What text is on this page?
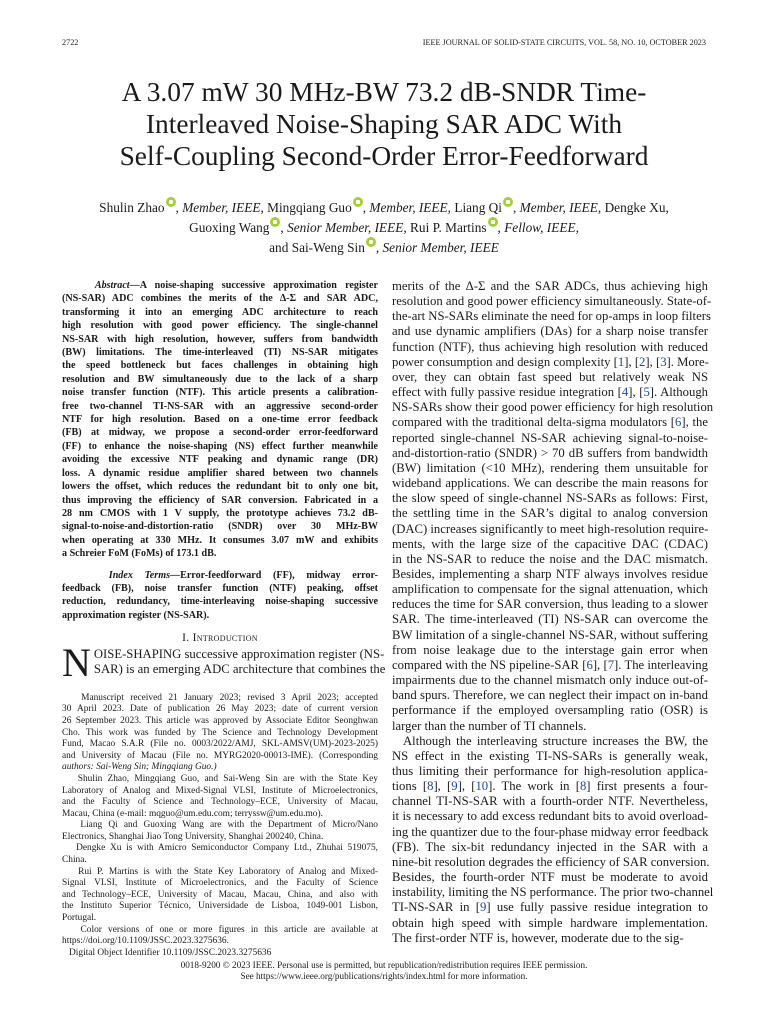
2722	IEEE JOURNAL OF SOLID-STATE CIRCUITS, VOL. 58, NO. 10, OCTOBER 2023
A 3.07 mW 30 MHz-BW 73.2 dB-SNDR Time-
Interleaved Noise-Shaping SAR ADC With
Self-Coupling Second-Order Error-Feedforward
Shulin Zhao , Member, IEEE, Mingqiang Guo , Member, IEEE, Liang Qi , Member, IEEE, Dengke Xu,
Guoxing Wang , Senior Member, IEEE, Rui P. Martins , Fellow, IEEE,
and Sai-Weng Sin , Senior Member, IEEE
Abstract—A noise-shaping successive approximation register
(NS-SAR) ADC combines the merits of the Δ-Σ and SAR ADC,
transforming it into an emerging ADC architecture to reach
high resolution with good power efficiency. The single-channel
NS-SAR with high resolution, however, suffers from bandwidth
(BW) limitations. The time-interleaved (TI) NS-SAR mitigates
the speed bottleneck but faces challenges in obtaining high
resolution and BW simultaneously due to the lack of a sharp
noise transfer function (NTF). This article presents a calibration-
free two-channel TI-NS-SAR with an aggressive second-order
NTF for high resolution. Based on a one-time error feedback
(FB) at midway, we propose a second-order error-feedforward
(FF) to enhance the noise-shaping (NS) effect further meanwhile
avoiding the excessive NTF peaking and dynamic range (DR)
loss. A dynamic residue amplifier shared between two channels
lowers the offset, which reduces the redundant bit to only one bit,
thus improving the efficiency of SAR conversion. Fabricated in a
28 nm CMOS with 1 V supply, the prototype achieves 73.2 dB-
signal-to-noise-and-distortion-ratio (SNDR) over 30 MHz-BW
when operating at 330 MHz. It consumes 3.07 mW and exhibits
a Schreier FoM (FoMs) of 173.1 dB.
Index Terms—Error-feedforward (FF), midway error-
feedback (FB), noise transfer function (NTF) peaking, offset
reduction, redundancy, time-interleaving noise-shaping successive
approximation register (NS-SAR).
I. Introduction
N OISE-SHAPING successive approximation register (NS-
SAR) is an emerging ADC architecture that combines the
Manuscript received 21 January 2023; revised 3 April 2023; accepted
30 April 2023. Date of publication 26 May 2023; date of current version
26 September 2023. This article was approved by Associate Editor Seonghwan
Cho. This work was funded by The Science and Technology Development
Fund, Macao S.A.R (File no. 0003/2022/AMJ, SKL-AMSV(UM)-2023-2025)
and University of Macau (File no. MYRG2020-00013-IME). (Corresponding
authors: Sai-Weng Sin; Mingqiang Guo.)
Shulin Zhao, Mingqiang Guo, and Sai-Weng Sin are with the State Key
Laboratory of Analog and Mixed-Signal VLSI, Institute of Microelectronics,
and the Faculty of Science and Technology–ECE, University of Macau,
Macau, China (e-mail: mqguo@um.edu.com; terryssw@um.edu.mo).
Liang Qi and Guoxing Wang are with the Department of Micro/Nano
Electronics, Shanghai Jiao Tong University, Shanghai 200240, China.
Dengke Xu is with Amicro Semiconductor Company Ltd., Zhuhai 519075,
China.
Rui P. Martins is with the State Key Laboratory of Analog and Mixed-
Signal VLSI, Institute of Microelectronics, and the Faculty of Science
and Technology–ECE, University of Macau, Macau, China, and also with
the Instituto Superior Técnico, Universidade de Lisboa, 1049-001 Lisbon,
Portugal.
Color versions of one or more figures in this article are available at
https://doi.org/10.1109/JSSC.2023.3275636.
Digital Object Identifier 10.1109/JSSC.2023.3275636
merits of the Δ-Σ and the SAR ADCs, thus achieving high
resolution and good power efficiency simultaneously. State-of-
the-art NS-SARs eliminate the need for op-amps in loop filters
and use dynamic amplifiers (DAs) for a sharp noise transfer
function (NTF), thus achieving high resolution with reduced
power consumption and design complexity [1], [2], [3]. More-
over, they can obtain fast speed but relatively weak NS
effect with fully passive residue integration [4], [5]. Although
NS-SARs show their good power efficiency for high resolution
compared with the traditional delta-sigma modulators [6], the
reported single-channel NS-SAR achieving signal-to-noise-
and-distortion-ratio (SNDR) > 70 dB suffers from bandwidth
(BW) limitation (<10 MHz), rendering them unsuitable for
wideband applications. We can describe the main reasons for
the slow speed of single-channel NS-SARs as follows: First,
the settling time in the SAR’s digital to analog conversion
(DAC) increases significantly to meet high-resolution require-
ments, with the large size of the capacitive DAC (CDAC)
in the NS-SAR to reduce the noise and the DAC mismatch.
Besides, implementing a sharp NTF always involves residue
amplification to compensate for the signal attenuation, which
reduces the time for SAR conversion, thus leading to a slower
SAR. The time-interleaved (TI) NS-SAR can overcome the
BW limitation of a single-channel NS-SAR, without suffering
from noise leakage due to the interstage gain error when
compared with the NS pipeline-SAR [6], [7]. The interleaving
impairments due to the channel mismatch only induce out-of-
band spurs. Therefore, we can neglect their impact on in-band
performance if the employed oversampling ratio (OSR) is
larger than the number of TI channels.
Although the interleaving structure increases the BW, the
NS effect in the existing TI-NS-SARs is generally weak,
thus limiting their performance for high-resolution applica-
tions [8], [9], [10]. The work in [8] first presents a four-
channel TI-NS-SAR with a fourth-order NTF. Nevertheless,
it is necessary to add excess redundant bits to avoid overload-
ing the quantizer due to the four-phase midway error feedback
(FB). The six-bit redundancy injected in the SAR with a
nine-bit resolution degrades the efficiency of SAR conversion.
Besides, the fourth-order NTF must be moderate to avoid
instability, limiting the NS performance. The prior two-channel
TI-NS-SAR in [9] use fully passive residue integration to
obtain high speed with simple hardware implementation.
The first-order NTF is, however, moderate due to the sig-
0018-9200 © 2023 IEEE. Personal use is permitted, but republication/redistribution requires IEEE permission.
See https://www.ieee.org/publications/rights/index.html for more information.
